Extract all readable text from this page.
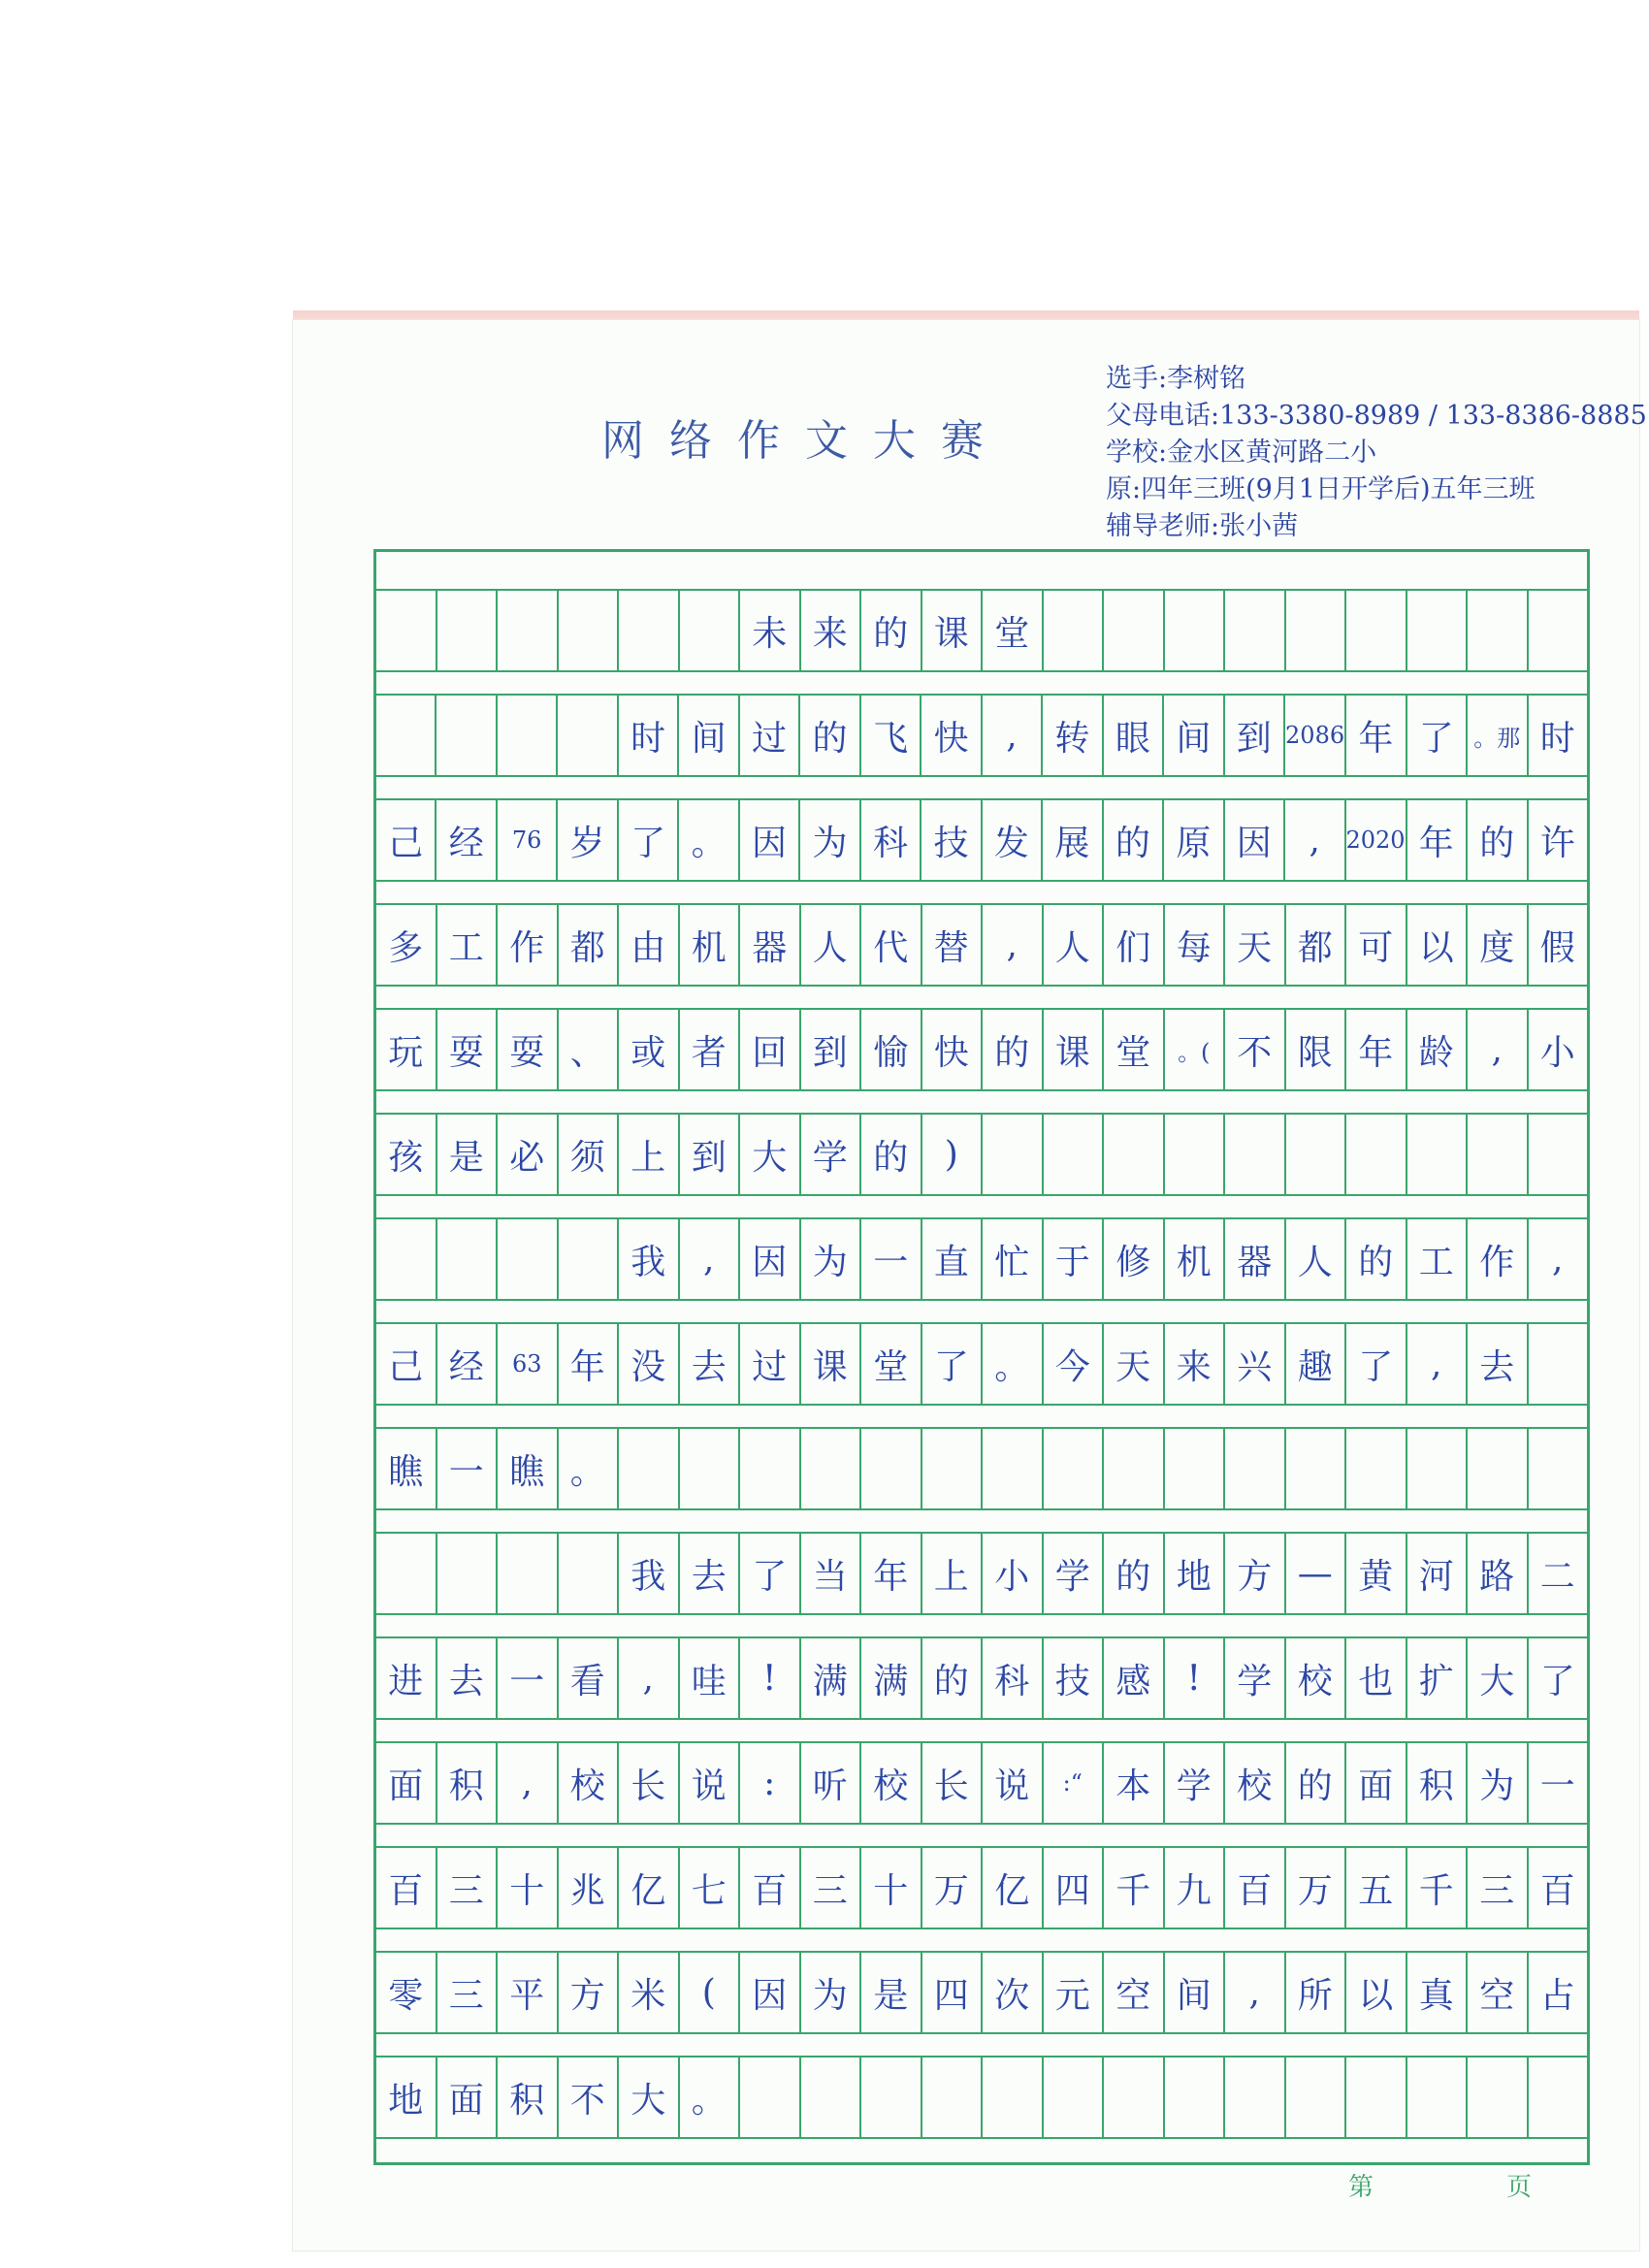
网络作文大赛
选手:李树铭
父母电话:133-3380-8989 / 133-8386-8885
学校:金水区黄河路二小
原:四年三班(9月1日开学后)五年三班
辅导老师:张小茜
未 来 的 课 堂
时 间 过 的 飞 快	,	转 眼 间 到 2086 年 了 。那 时
己 经	76 岁 了 。 因 为 科 技 发 展 的 原 因	,	2020 年 的 许
多 工 作 都 由 机 器 人 代 替	,	人 们 每 天 都 可 以 度 假
玩 耍 耍 、 或 者 回 到 愉 快 的 课 堂	。( 不 限 年 龄	,	小
孩 是 必 须 上 到 大 学 的	)
我	,	因 为 一 直 忙 于 修 机 器 人 的 工 作	,
己 经	63 年 没 去 过 课 堂 了 。 今 天 来 兴 趣 了	,	去
瞧 一 瞧 。
我 去 了 当 年 上 小 学 的 地 方 — 黄 河 路 二
进 去 一 看	,	哇	!	满 满 的 科 技 感	!	学 校 也 扩 大 了
面 积	,	校 长 说	:	听 校 长 说	:“ 本 学 校 的 面 积 为 一
百 三 十 兆 亿 七 百 三 十 万 亿 四 千 九 百 万 五 千 三 百
零 三 平 方 米	(	因 为 是 四 次 元 空 间	,	所 以 真 空 占
地 面 积 不 大 。
第	页
